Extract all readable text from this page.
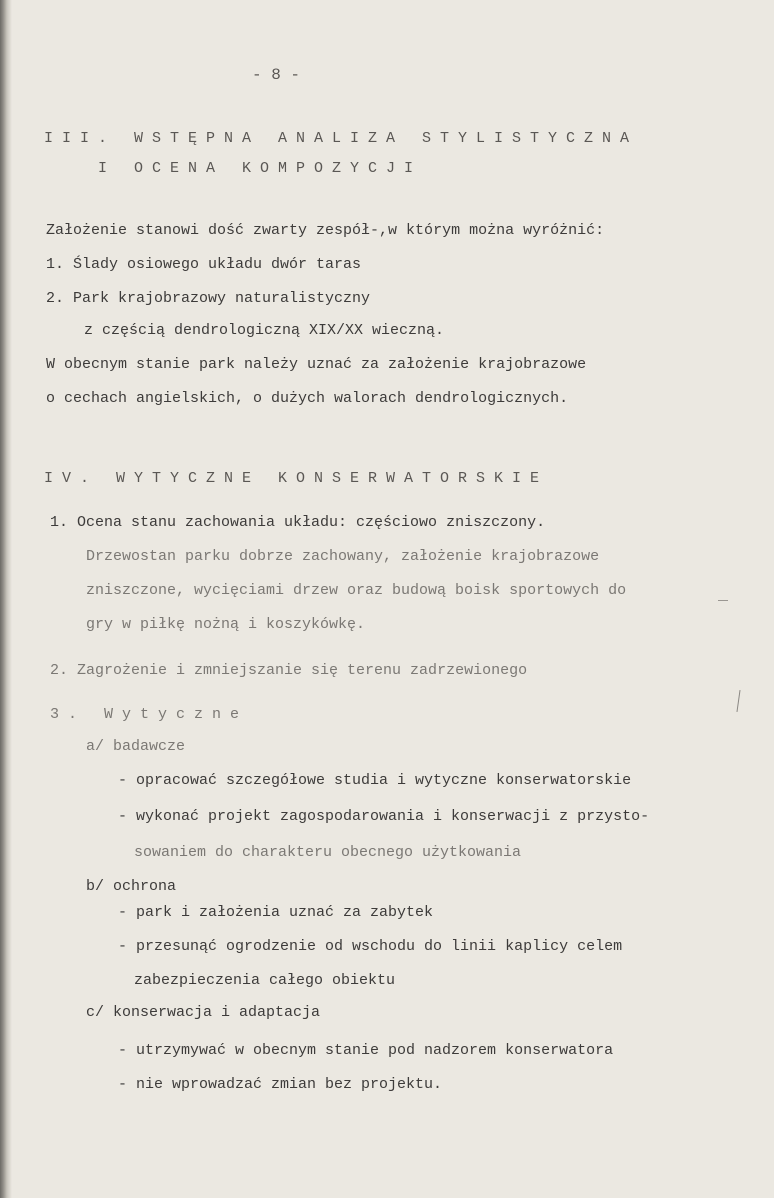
- 8 -
III. WSTĘPNA ANALIZA STYLISTYCZNA
I OCENA KOMPOZYCJI
Założenie stanowi dość zwarty zespół-,w którym można wyróżnić:
1. Ślady osiowego układu dwór taras
2. Park krajobrazowy naturalistyczny
z częścią dendrologiczną XIX/XX wieczną.
W obecnym stanie park należy uznać za założenie krajobrazowe
o cechach angielskich, o dużych walorach dendrologicznych.
IV. WYTYCZNE KONSERWATORSKIE
1. Ocena stanu zachowania układu: częściowo zniszczony.
Drzewostan parku dobrze zachowany, założenie krajobrazowe
zniszczone, wycięciami drzew oraz budową boisk sportowych do
gry w piłkę nożną i koszykówkę.
2. Zagrożenie i zmniejszanie się terenu zadrzewionego
3. Wytyczne
a/ badawcze
- opracować szczegółowe studia i wytyczne konserwatorskie
- wykonać projekt zagospodarowania i konserwacji z przysto-
sowaniem do charakteru obecnego użytkowania
b/ ochrona
- park i założenia uznać za zabytek
- przesunąć ogrodzenie od wschodu do linii kaplicy celem
zabezpieczenia całego obiektu
c/ konserwacja i adaptacja
- utrzymywać w obecnym stanie pod nadzorem konserwatora
- nie wprowadzać zmian bez projektu.
